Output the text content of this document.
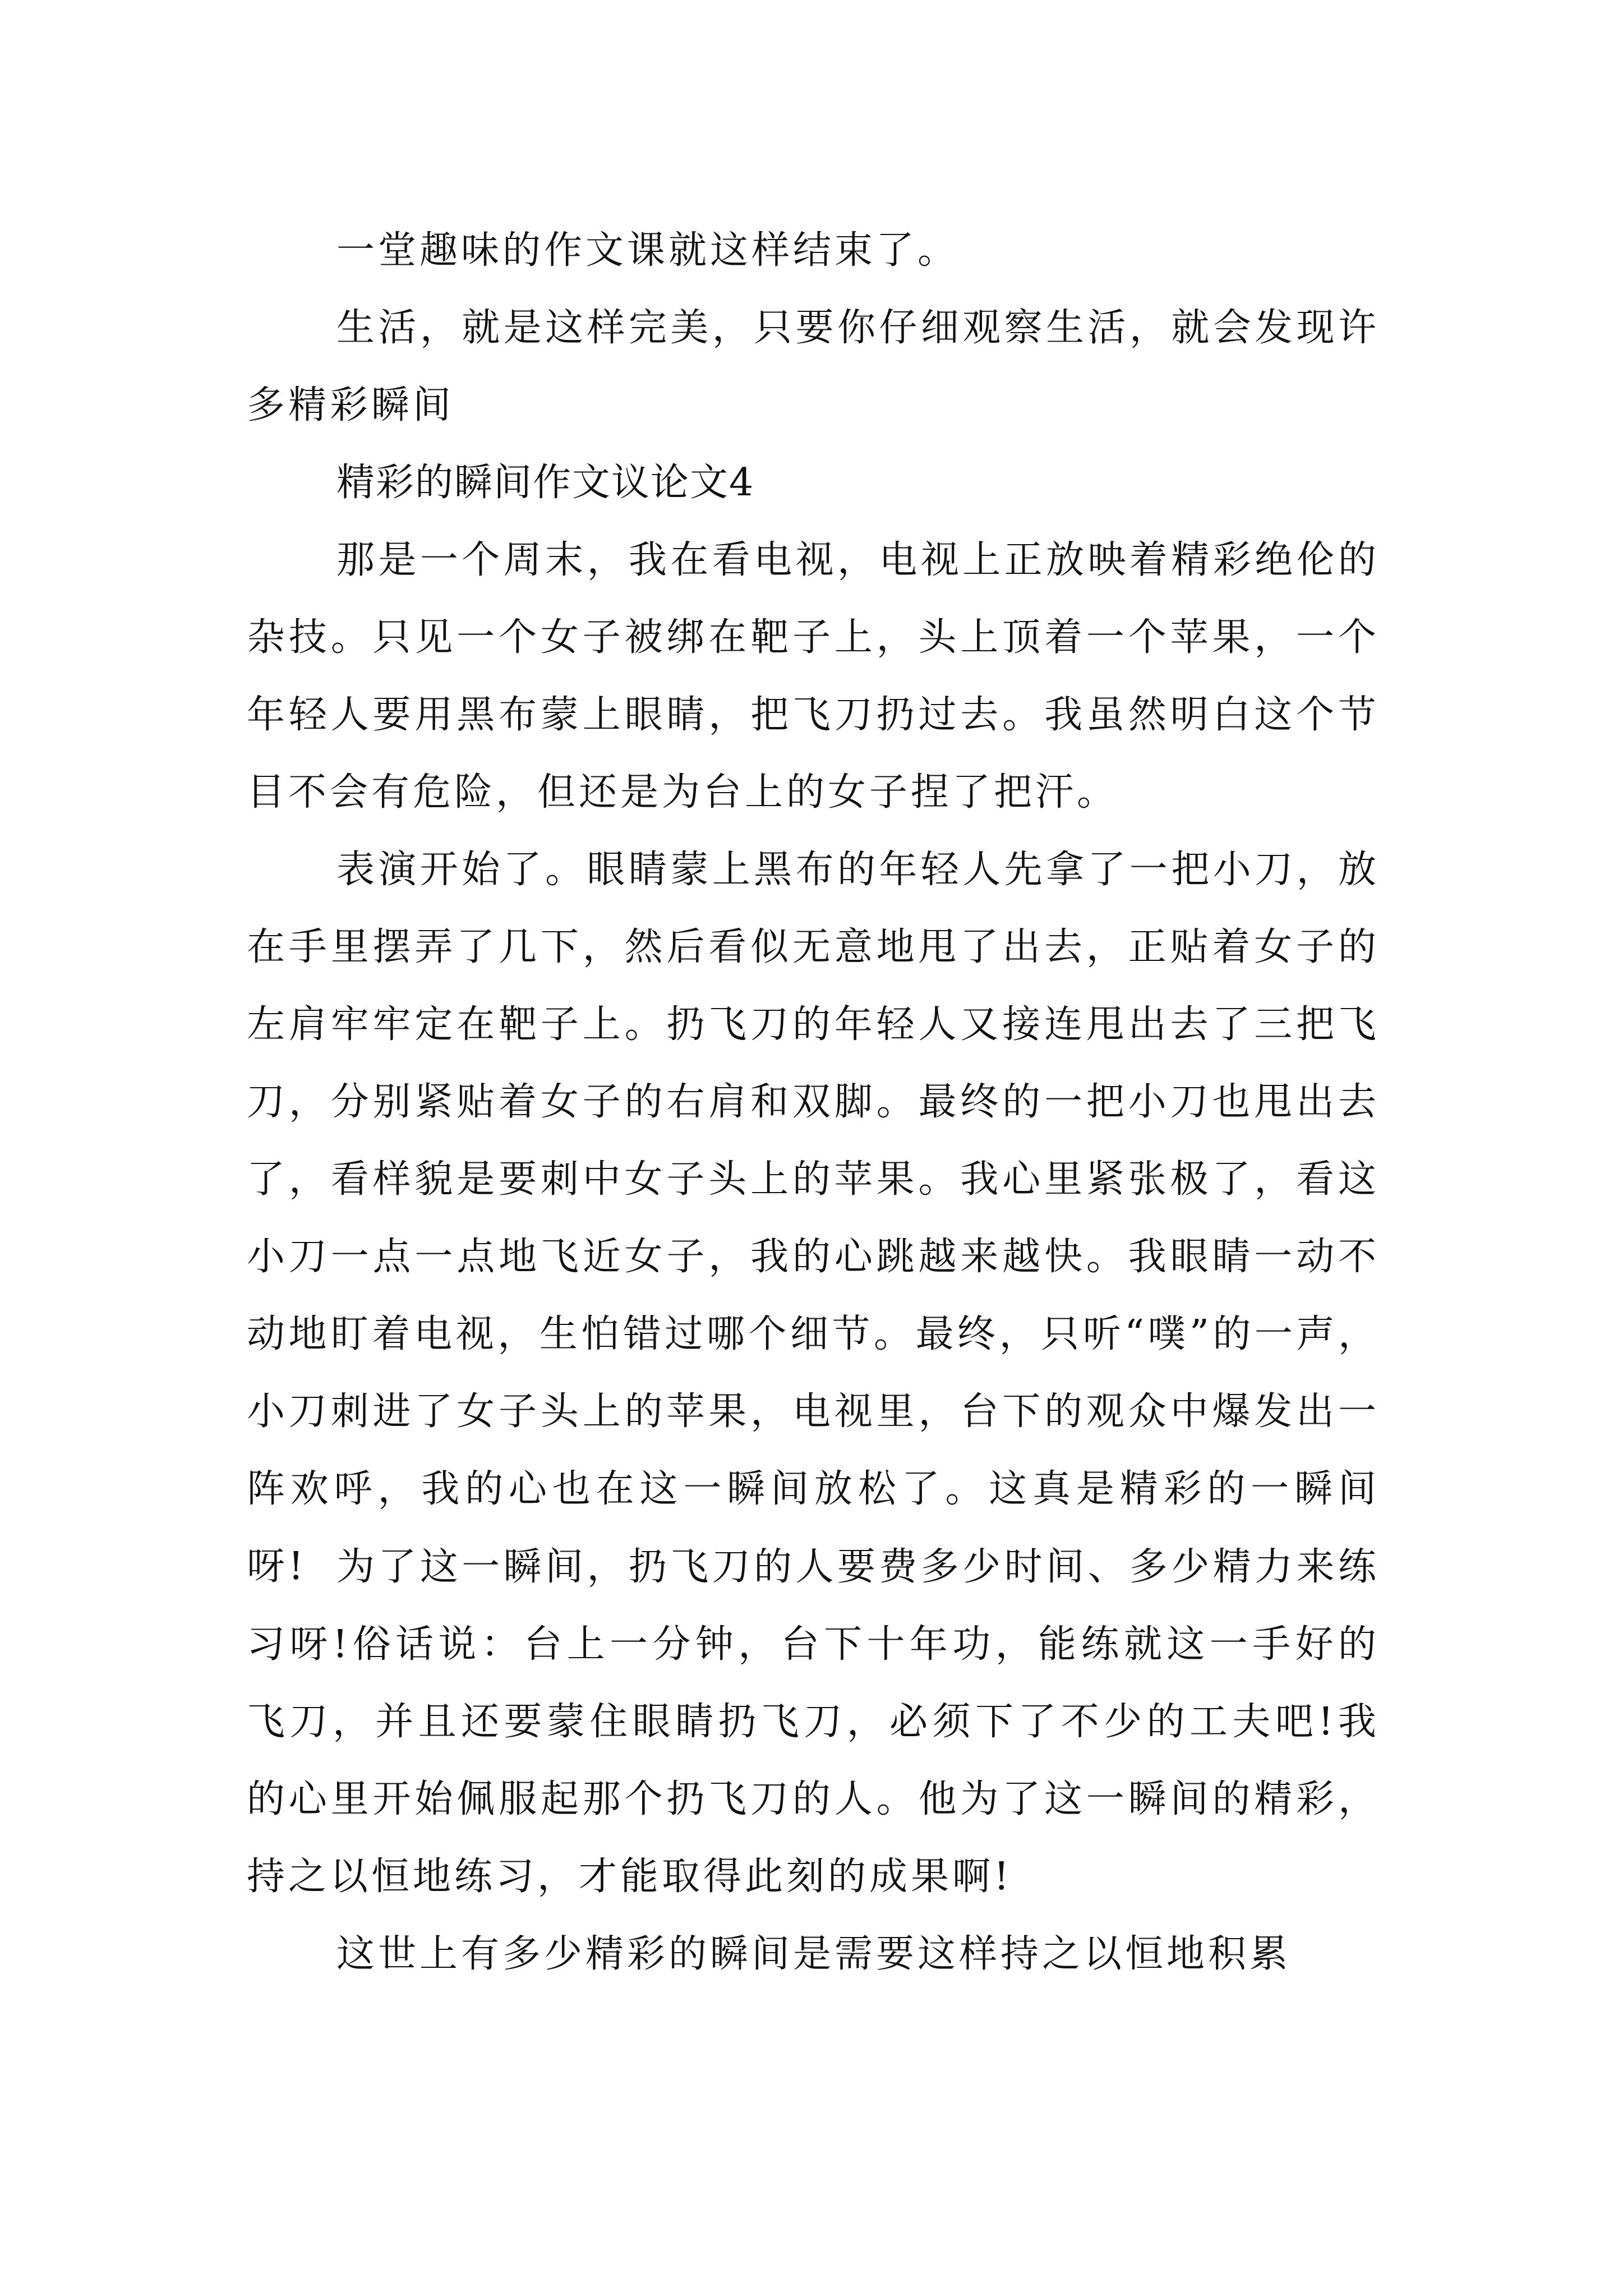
一堂趣味的作文课就这样结束了。

生活，就是这样完美，只要你仔细观察生活，就会发现许多精彩瞬间

精彩的瞬间作文议论文4

那是一个周末，我在看电视，电视上正放映着精彩绝伦的杂技。只见一个女子被绑在靶子上，头上顶着一个苹果，一个年轻人要用黑布蒙上眼睛，把飞刀扔过去。我虽然明白这个节目不会有危险，但还是为台上的女子捏了把汗。

表演开始了。眼睛蒙上黑布的年轻人先拿了一把小刀，放在手里摆弄了几下，然后看似无意地甩了出去，正贴着女子的左肩牢牢定在靶子上。扔飞刀的年轻人又接连甩出去了三把飞刀，分别紧贴着女子的右肩和双脚。最终的一把小刀也甩出去了，看样貌是要刺中女子头上的苹果。我心里紧张极了，看这小刀一点一点地飞近女子，我的心跳越来越快。我眼睛一动不动地盯着电视，生怕错过哪个细节。最终，只听“噗”的一声，小刀刺进了女子头上的苹果，电视里，台下的观众中爆发出一阵欢呼，我的心也在这一瞬间放松了。这真是精彩的一瞬间呀! 为了这一瞬间，扔飞刀的人要费多少时间、多少精力来练习呀!俗话说：台上一分钟，台下十年功，能练就这一手好的飞刀，并且还要蒙住眼睛扔飞刀，必须下了不少的工夫吧!我的心里开始佩服起那个扔飞刀的人。他为了这一瞬间的精彩，持之以恒地练习，才能取得此刻的成果啊!

这世上有多少精彩的瞬间是需要这样持之以恒地积累
